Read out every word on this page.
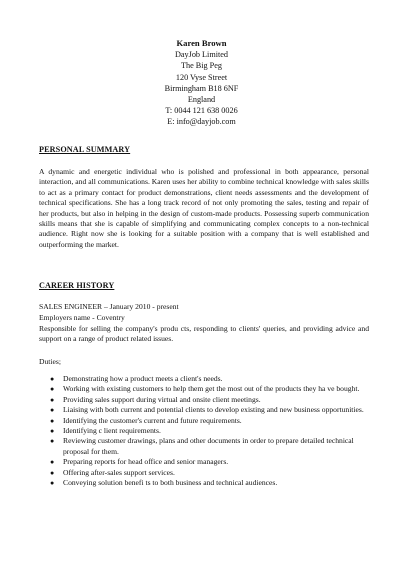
Karen Brown
DayJob Limited
The Big Peg
120 Vyse Street
Birmingham B18 6NF
England
T: 0044 121 638 0026
E: info@dayjob.com
PERSONAL SUMMARY
A dynamic and energetic individual who is polished and professional in both appearance, personal interaction, and all communications. Karen uses her ability to combine technical knowledge with sales skills to act as a primary contact for product demonstrations, client needs assessments and the development of technical specifications. She has a long track record of not only promoting the sales, testing and repair of her products, but also in helping in the design of custom-made products. Possessing superb communication skills means that she is capable of simplifying and communicating complex concepts to a non-technical audience. Right now she is looking for a suitable position with a company that is well established and outperforming the market.
CAREER HISTORY
SALES ENGINEER – January 2010 - present
Employers name - Coventry
Responsible for selling the company's produ cts, responding to clients' queries, and providing advice and support on a range of product related issues.
Duties;
● Demonstrating how a product meets a client's needs.
● Working with existing customers to help them get the most out of the products they ha ve bought.
● Providing sales support during virtual and onsite client meetings.
● Liaising with both current and potential clients to develop existing and new business opportunities.
● Identifying the customer's current and future requirements.
● Identifying c lient requirements.
● Reviewing customer drawings, plans and other documents in order to prepare detailed technical proposal for them.
● Preparing reports for head office and senior managers.
● Offering after-sales support services.
● Conveying solution benefi ts to both business and technical audiences.
